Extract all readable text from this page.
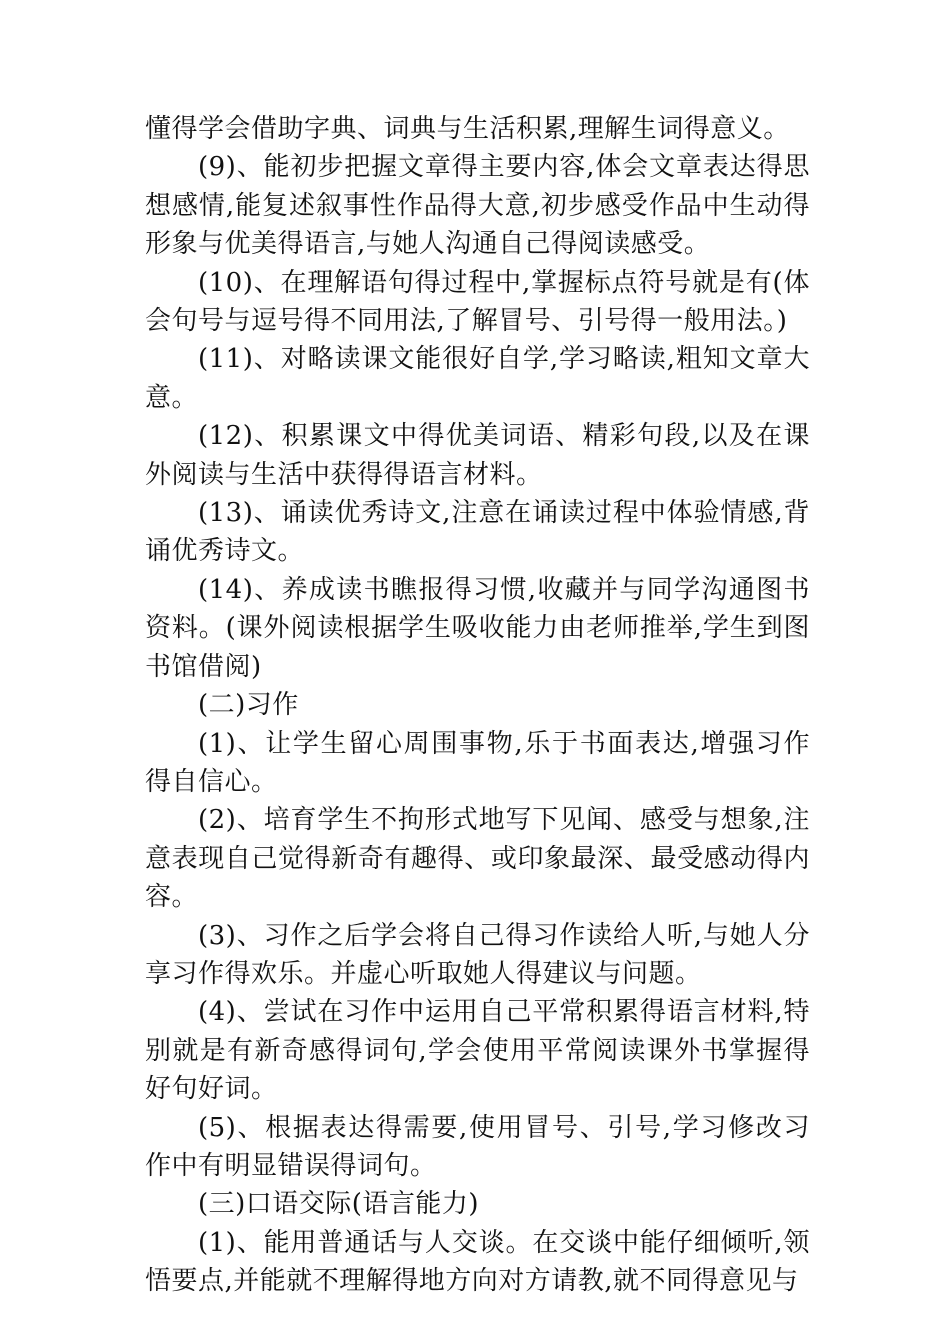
懂得学会借助字典、词典与生活积累,理解生词得意义。

(9)、能初步把握文章得主要内容,体会文章表达得思想感情,能复述叙事性作品得大意,初步感受作品中生动得形象与优美得语言,与她人沟通自己得阅读感受。

(10)、在理解语句得过程中,掌握标点符号就是有(体会句号与逗号得不同用法,了解冒号、引号得一般用法。)

(11)、对略读课文能很好自学,学习略读,粗知文章大意。

(12)、积累课文中得优美词语、精彩句段,以及在课外阅读与生活中获得得语言材料。

(13)、诵读优秀诗文,注意在诵读过程中体验情感,背诵优秀诗文。

(14)、养成读书瞧报得习惯,收藏并与同学沟通图书资料。(课外阅读根据学生吸收能力由老师推举,学生到图书馆借阅)

(二)习作

(1)、让学生留心周围事物,乐于书面表达,增强习作得自信心。

(2)、培育学生不拘形式地写下见闻、感受与想象,注意表现自己觉得新奇有趣得、或印象最深、最受感动得内容。

(3)、习作之后学会将自己得习作读给人听,与她人分享习作得欢乐。并虚心听取她人得建议与问题。

(4)、尝试在习作中运用自己平常积累得语言材料,特别就是有新奇感得词句,学会使用平常阅读课外书掌握得好句好词。

(5)、根据表达得需要,使用冒号、引号,学习修改习作中有明显错误得词句。

(三)口语交际(语言能力)

(1)、能用普通话与人交谈。在交谈中能仔细倾听,领悟要点,并能就不理解得地方向对方请教,就不同得意见与
